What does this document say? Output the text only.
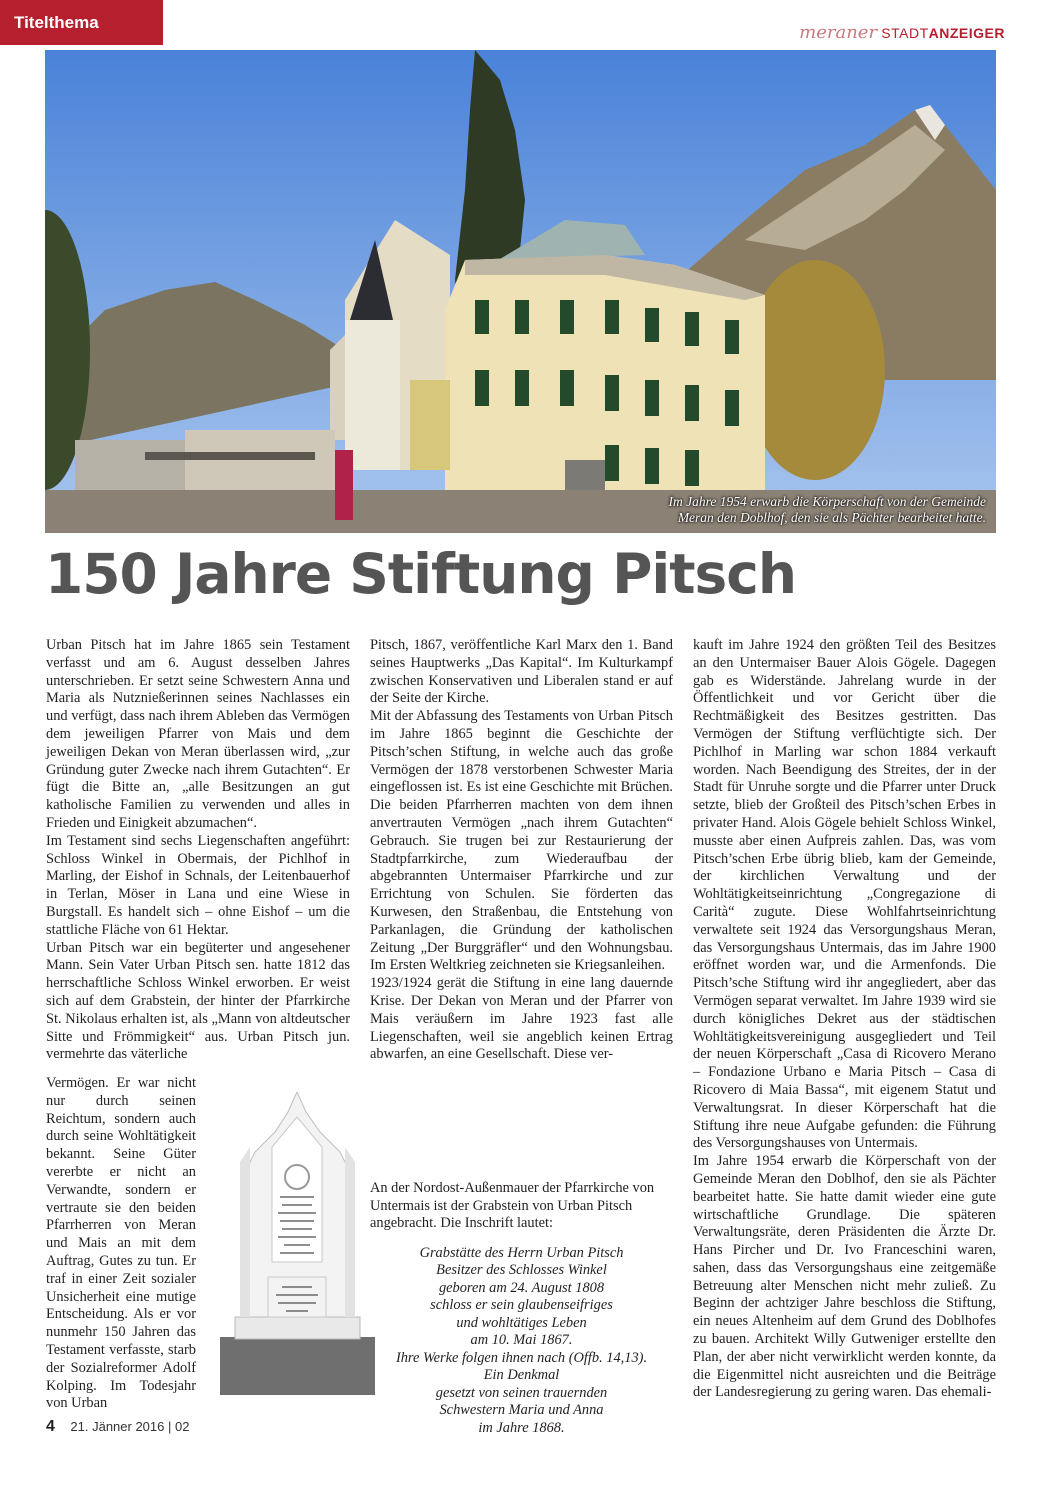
Titelthema	meraner STADTANZEIGER
Im Jahre 1954 erwarb die Körperschaft von der Gemeinde
Meran den Doblhof, den sie als Pächter bearbeitet hatte.
150 Jahre Stiftung Pitsch

Urban Pitsch hat im Jahre 1865 sein Testament verfasst und am 6. August desselben Jahres unterschrieben. Er setzt seine Schwestern Anna und Maria als Nutznießerinnen seines Nachlasses ein und verfügt, dass nach ihrem Ableben das Vermögen dem jeweiligen Pfarrer von Mais und dem jeweiligen Dekan von Meran überlassen wird, „zur Gründung guter Zwecke nach ihrem Gutachten“. Er fügt die Bitte an, „alle Besitzungen an gut katholische Familien zu verwenden und alles in Frieden und Einigkeit abzumachen“.

Im Testament sind sechs Liegenschaften angeführt: Schloss Winkel in Obermais, der Pichlhof in Marling, der Eishof in Schnals, der Leitenbauerhof in Terlan, Möser in Lana und eine Wiese in Burgstall. Es handelt sich – ohne Eishof – um die stattliche Fläche von 61 Hektar.

Urban Pitsch war ein begüterter und angesehener Mann. Sein Vater Urban Pitsch sen. hatte 1812 das herrschaftliche Schloss Winkel erworben. Er weist sich auf dem Grabstein, der hinter der Pfarrkirche St. Nikolaus erhalten ist, als „Mann von altdeutscher Sitte und Frömmigkeit“ aus. Urban Pitsch jun. vermehrte das väterliche

Vermögen. Er war nicht nur durch seinen Reichtum, sondern auch durch seine Wohltätigkeit bekannt. Seine Güter vererbte er nicht an Verwandte, sondern er vertraute sie den beiden Pfarrherren von Meran und Mais an mit dem Auftrag, Gutes zu tun. Er traf in einer Zeit sozialer Unsicherheit eine mutige Entscheidung. Als er vor nunmehr 150 Jahren das Testament verfasste, starb der Sozialreformer Adolf Kolping. Im Todesjahr von Urban

Pitsch, 1867, veröffentliche Karl Marx den 1. Band seines Hauptwerks „Das Kapital“. Im Kulturkampf zwischen Konservativen und Liberalen stand er auf der Seite der Kirche.

Mit der Abfassung des Testaments von Urban Pitsch im Jahre 1865 beginnt die Geschichte der Pitsch’schen Stiftung, in welche auch das große Vermögen der 1878 verstorbenen Schwester Maria eingeflossen ist. Es ist eine Geschichte mit Brüchen. Die beiden Pfarrherren machten von dem ihnen anvertrauten Vermögen „nach ihrem Gutachten“ Gebrauch. Sie trugen bei zur Restaurierung der Stadtpfarrkirche, zum Wiederaufbau der abgebrannten Untermaiser Pfarrkirche und zur Errichtung von Schulen. Sie förderten das Kurwesen, den Straßenbau, die Entstehung von Parkanlagen, die Gründung der katholischen Zeitung „Der Burggräfler“ und den Wohnungsbau. Im Ersten Weltkrieg zeichneten sie Kriegsanleihen.

1923/1924 gerät die Stiftung in eine lang dauernde Krise. Der Dekan von Meran und der Pfarrer von Mais veräußern im Jahre 1923 fast alle Liegenschaften, weil sie angeblich keinen Ertrag abwarfen, an eine Gesellschaft. Diese ver-

kauft im Jahre 1924 den größten Teil des Besitzes an den Untermaiser Bauer Alois Gögele. Dagegen gab es Widerstände. Jahrelang wurde in der Öffentlichkeit und vor Gericht über die Rechtmäßigkeit des Besitzes gestritten. Das Vermögen der Stiftung verflüchtigte sich. Der Pichlhof in Marling war schon 1884 verkauft worden. Nach Beendigung des Streites, der in der Stadt für Unruhe sorgte und die Pfarrer unter Druck setzte, blieb der Großteil des Pitsch’schen Erbes in privater Hand. Alois Gögele behielt Schloss Winkel, musste aber einen Aufpreis zahlen. Das, was vom Pitsch’schen Erbe übrig blieb, kam der Gemeinde, der kirchlichen Verwaltung und der Wohltätigkeitseinrichtung „Congregazione di Carità“ zugute. Diese Wohlfahrtseinrichtung verwaltete seit 1924 das Versorgungshaus Meran, das Versorgungshaus Untermais, das im Jahre 1900 eröffnet worden war, und die Armenfonds. Die Pitsch’sche Stiftung wird ihr angegliedert, aber das Vermögen separat verwaltet. Im Jahre 1939 wird sie durch königliches Dekret aus der städtischen Wohltätigkeitsvereinigung ausgegliedert und Teil der neuen Körperschaft „Casa di Ricovero Merano – Fondazione Urbano e Maria Pitsch – Casa di Ricovero di Maia Bassa“, mit eigenem Statut und Verwaltungsrat. In dieser Körperschaft hat die Stiftung ihre neue Aufgabe gefunden: die Führung des Versorgungshauses von Untermais.

Im Jahre 1954 erwarb die Körperschaft von der Gemeinde Meran den Doblhof, den sie als Pächter bearbeitet hatte. Sie hatte damit wieder eine gute wirtschaftliche Grundlage. Die späteren Verwaltungsräte, deren Präsidenten die Ärzte Dr. Hans Pircher und Dr. Ivo Franceschini waren, sahen, dass das Versorgungshaus eine zeitgemäße Betreuung alter Menschen nicht mehr zuließ. Zu Beginn der achtziger Jahre beschloss die Stiftung, ein neues Altenheim auf dem Grund des Doblhofes zu bauen. Architekt Willy Gutweniger erstellte den Plan, der aber nicht verwirklicht werden konnte, da die Eigenmittel nicht ausreichten und die Beiträge der Landesregierung zu gering waren. Das ehemali-

An der Nordost-Außenmauer der Pfarrkirche von Untermais ist der Grabstein von Urban Pitsch angebracht. Die Inschrift lautet:

Grabstätte des Herrn Urban Pitsch
Besitzer des Schlosses Winkel
geboren am 24. August 1808
schloss er sein glaubenseifriges
und wohltätiges Leben
am 10. Mai 1867.
Ihre Werke folgen ihnen nach (Offb. 14,13).
Ein Denkmal
gesetzt von seinen trauernden
Schwestern Maria und Anna
im Jahre 1868.

4 21. Jänner 2016 | 02
